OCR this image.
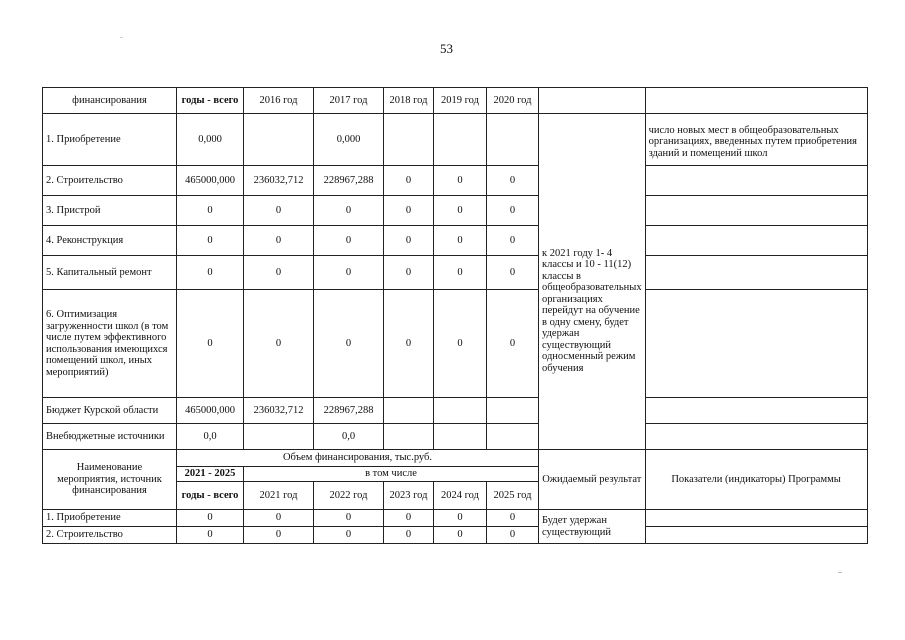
53
финансирования	годы - всего	2016 год	2017 год	2018 год	2019 год	2020 год		
1. Приобретение	0,000		0,000				к 2021 году 1- 4 классы и 10 - 11(12) классы в общеобразовательных организациях перейдут на обучение в одну смену, будет удержан существующий односменный режим обучения	число новых мест в общеобразовательных организациях, введенных путем приобретения зданий и помещений школ
2. Строительство	465000,000	236032,712	228967,288	0	0	0		
3. Пристрой	0	0	0	0	0	0		
4. Реконструкция	0	0	0	0	0	0		
5. Капитальный ремонт	0	0	0	0	0	0		
6. Оптимизация загруженности школ (в том числе путем эффективного использования имеющихся помещений школ, иных мероприятий)	0	0	0	0	0	0		
Бюджет Курской области	465000,000	236032,712	228967,288					
Внебюджетные источники	0,0		0,0					
Наименование мероприятия, источник финансирования	Объем финансирования, тыс.руб.						Ожидаемый результат	Показатели (индикаторы) Программы
	2021 - 2025	в том числе						
	годы - всего	2021 год	2022 год	2023 год	2024 год	2025 год		
1. Приобретение	0	0	0	0	0	0	Будет удержан существующий	
2. Строительство	0	0	0	0	0	0		
